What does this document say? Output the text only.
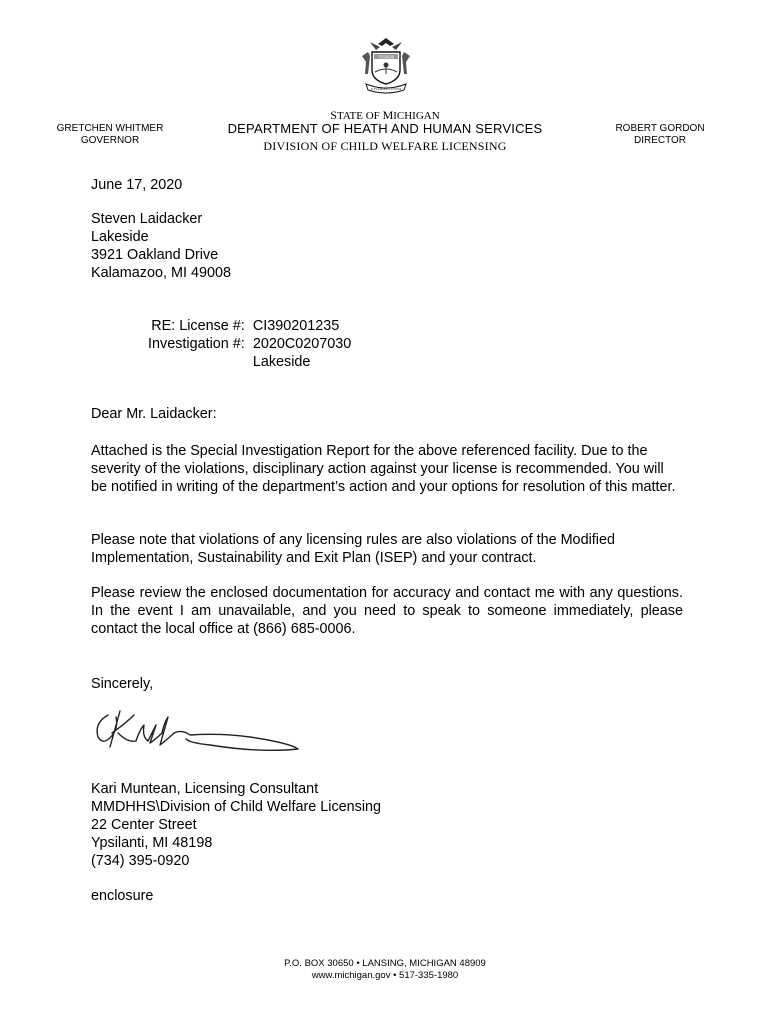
TUEBOR
E PLURIBUS UNUM
STATE OF MICHIGAN
DEPARTMENT OF HEATH AND HUMAN SERVICES
DIVISION OF CHILD WELFARE LICENSING
GRETCHEN WHITMER
GOVERNOR
ROBERT GORDON
DIRECTOR
June 17, 2020
Steven Laidacker
Lakeside
3921 Oakland Drive
Kalamazoo, MI 49008
RE: License #:	CI390201235
Investigation #:	2020C0207030
	Lakeside
Dear Mr. Laidacker:
Attached is the Special Investigation Report for the above referenced facility. Due to the severity of the violations, disciplinary action against your license is recommended. You will be notified in writing of the department’s action and your options for resolution of this matter.
Please note that violations of any licensing rules are also violations of the Modified Implementation, Sustainability and Exit Plan (ISEP) and your contract.
Please review the enclosed documentation for accuracy and contact me with any questions. In the event I am unavailable, and you need to speak to someone immediately, please contact the local office at (866) 685-0006.
Sincerely,
Kari Muntean, Licensing Consultant
MMDHHS\Division of Child Welfare Licensing
22 Center Street
Ypsilanti, MI 48198
(734) 395-0920
enclosure
P.O. BOX 30650 • LANSING, MICHIGAN 48909
www.michigan.gov • 517-335-1980
